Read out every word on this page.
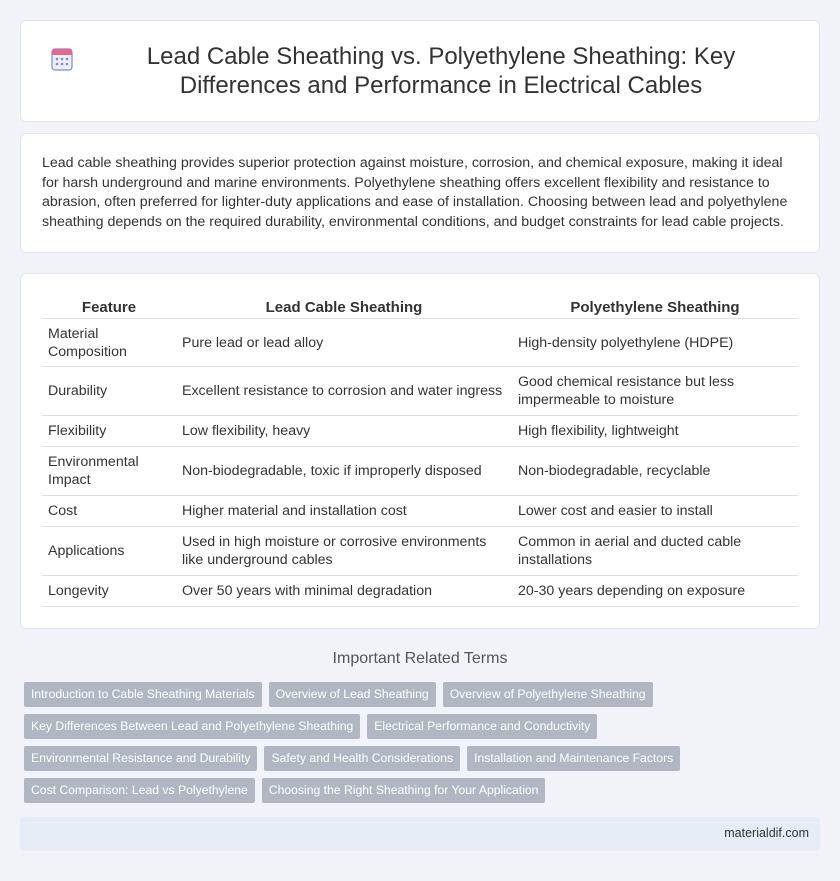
Lead Cable Sheathing vs. Polyethylene Sheathing: Key Differences and Performance in Electrical Cables

Lead cable sheathing provides superior protection against moisture, corrosion, and chemical exposure, making it ideal for harsh underground and marine environments. Polyethylene sheathing offers excellent flexibility and resistance to abrasion, often preferred for lighter-duty applications and ease of installation. Choosing between lead and polyethylene sheathing depends on the required durability, environmental conditions, and budget constraints for lead cable projects.

Feature	Lead Cable Sheathing	Polyethylene Sheathing
Material Composition	Pure lead or lead alloy	High-density polyethylene (HDPE)
Durability	Excellent resistance to corrosion and water ingress	Good chemical resistance but less impermeable to moisture
Flexibility	Low flexibility, heavy	High flexibility, lightweight
Environmental Impact	Non-biodegradable, toxic if improperly disposed	Non-biodegradable, recyclable
Cost	Higher material and installation cost	Lower cost and easier to install
Applications	Used in high moisture or corrosive environments like underground cables	Common in aerial and ducted cable installations
Longevity	Over 50 years with minimal degradation	20-30 years depending on exposure
Important Related Terms
Introduction to Cable Sheathing Materials	Overview of Lead Sheathing	Overview of Polyethylene Sheathing
Key Differences Between Lead and Polyethylene Sheathing	Electrical Performance and Conductivity
Environmental Resistance and Durability	Safety and Health Considerations	Installation and Maintenance Factors
Cost Comparison: Lead vs Polyethylene	Choosing the Right Sheathing for Your Application
materialdif.com
